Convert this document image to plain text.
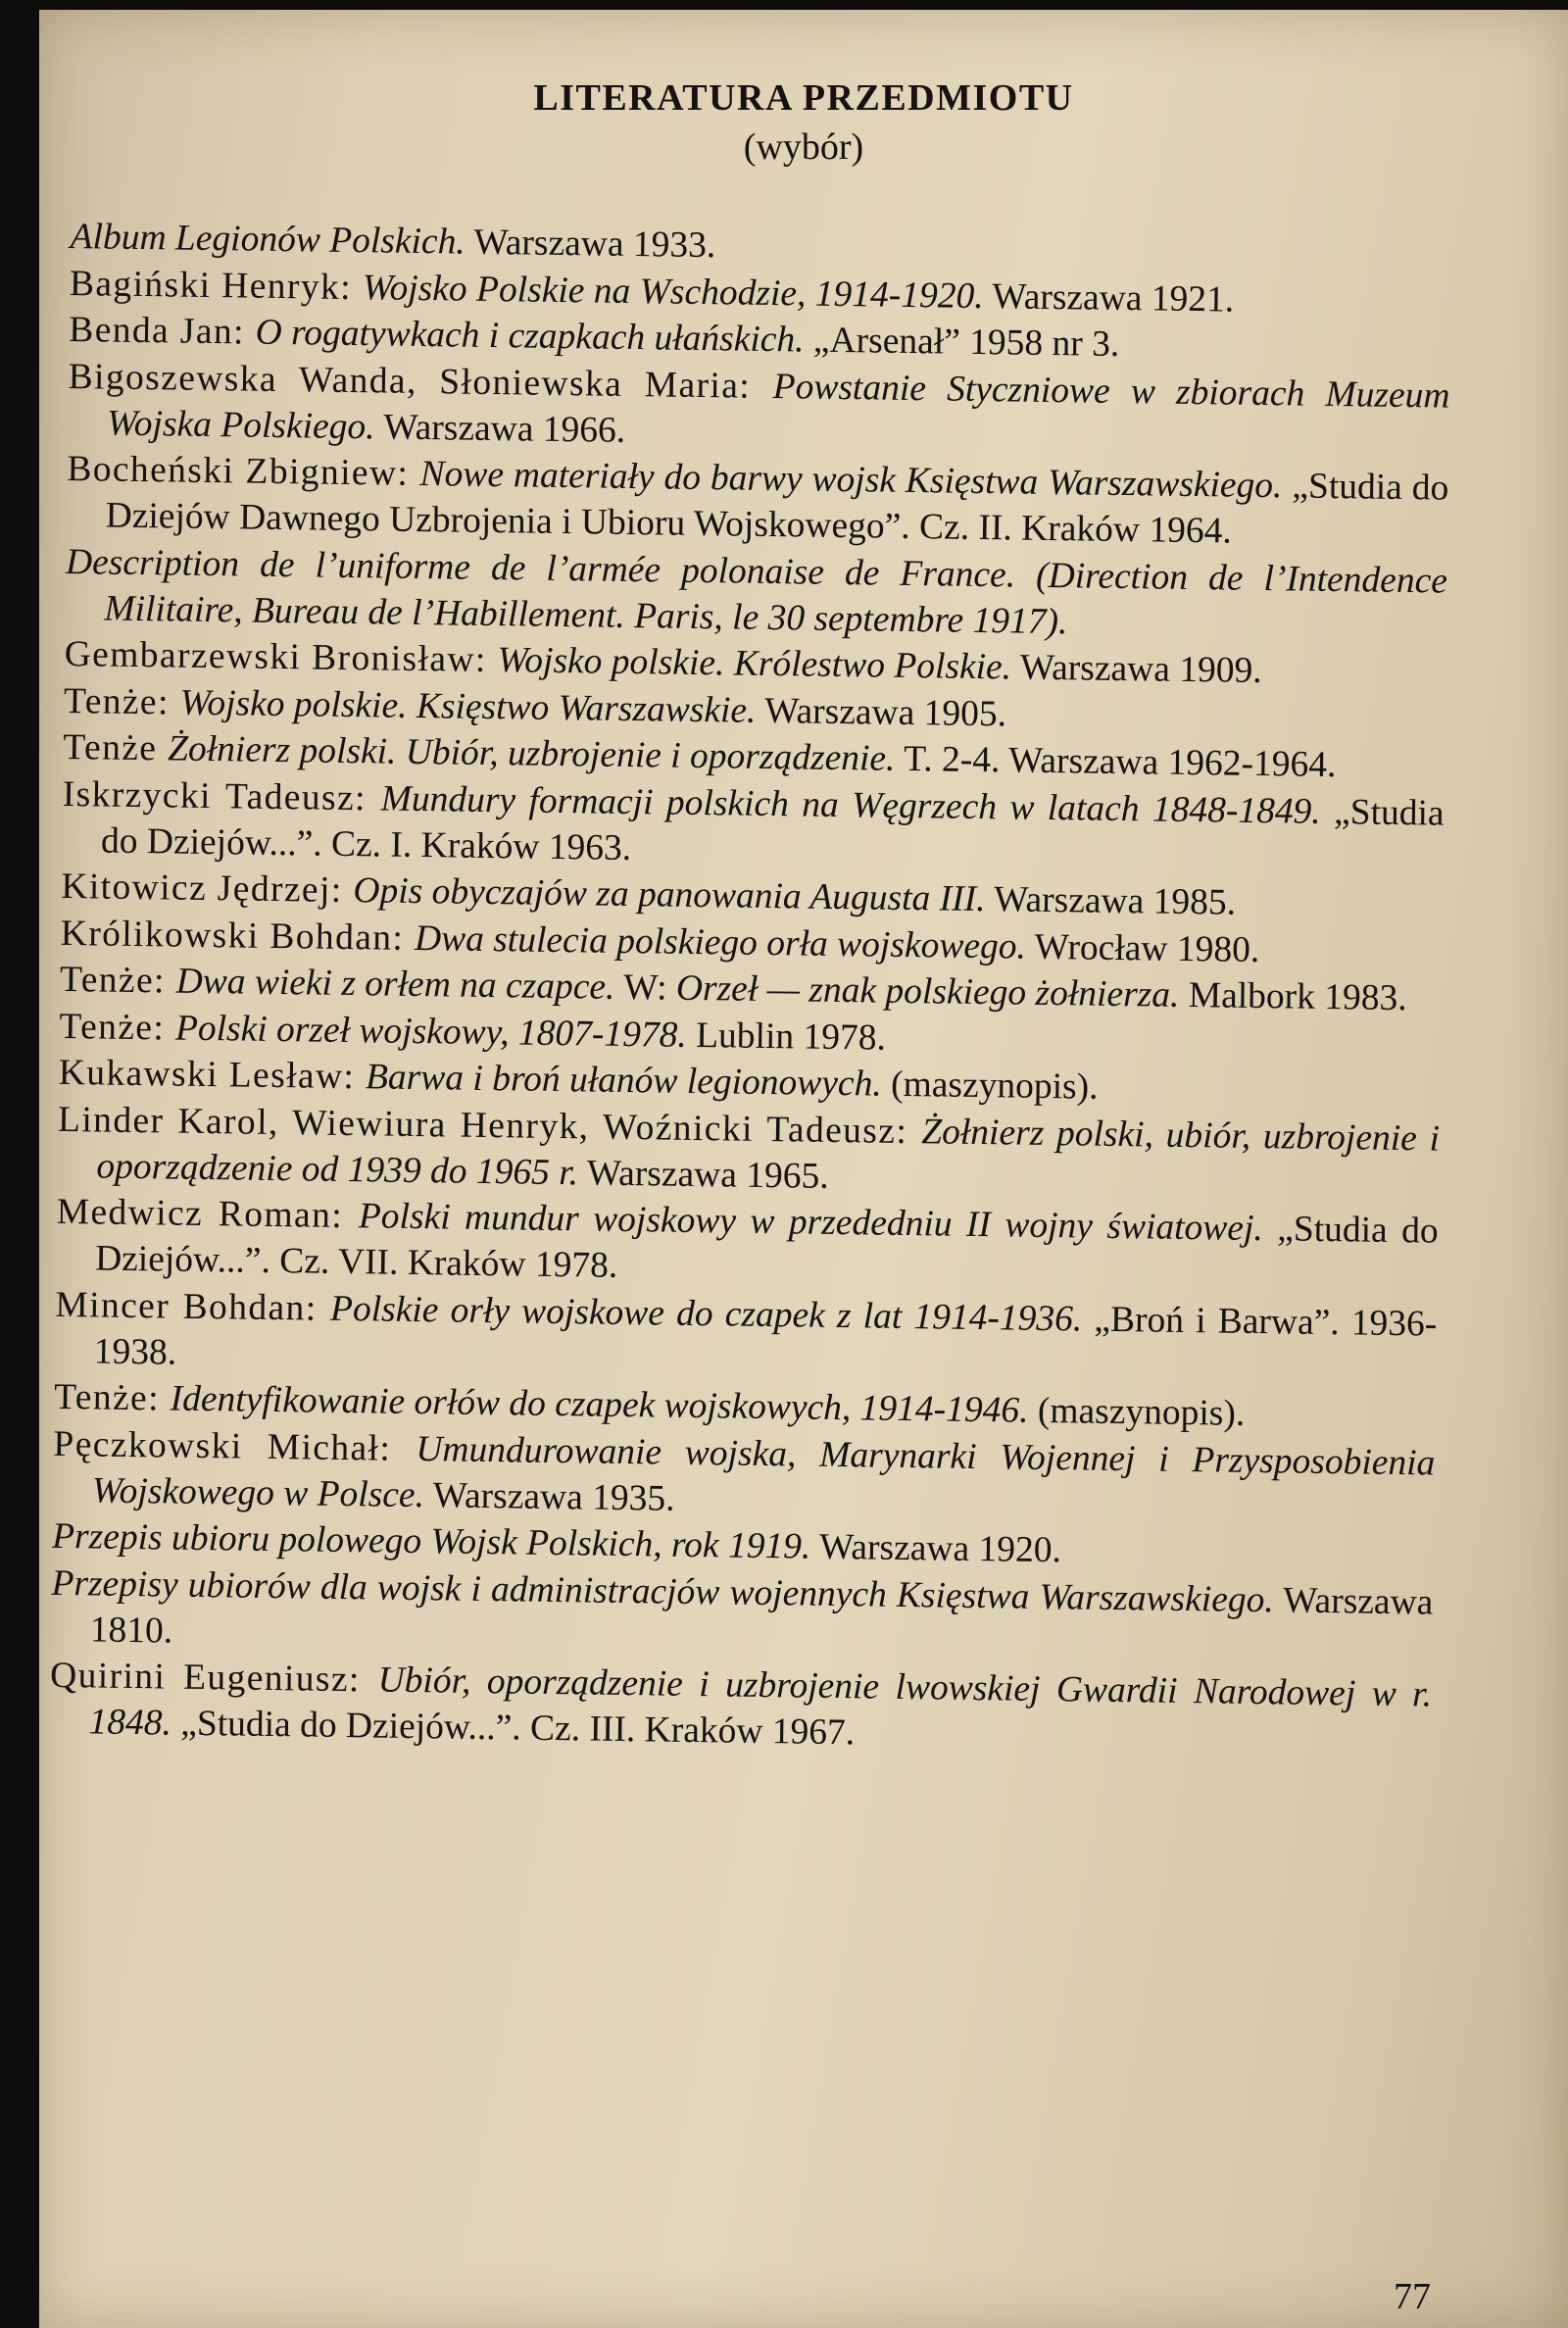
LITERATURA PRZEDMIOTU
(wybór)

Album Legionów Polskich. Warszawa 1933.

Bagiński Henryk: Wojsko Polskie na Wschodzie, 1914-1920. Warszawa 1921.

Benda Jan: O rogatywkach i czapkach ułańskich. „Arsenał” 1958 nr 3.

Bigoszewska Wanda, Słoniewska Maria: Powstanie Styczniowe w zbiorach Muzeum Wojska Polskiego. Warszawa 1966.

Bocheński Zbigniew: Nowe materiały do barwy wojsk Księstwa Warszawskiego. „Studia do Dziejów Dawnego Uzbrojenia i Ubioru Wojskowego”. Cz. II. Kraków 1964.

Description de l’uniforme de l’armée polonaise de France. (Direction de l’Intendence Militaire, Bureau de l’Habillement. Paris, le 30 septembre 1917).

Gembarzewski Bronisław: Wojsko polskie. Królestwo Polskie. Warszawa 1909.

Tenże: Wojsko polskie. Księstwo Warszawskie. Warszawa 1905.

Tenże Żołnierz polski. Ubiór, uzbrojenie i oporządzenie. T. 2-4. Warszawa 1962-1964.

Iskrzycki Tadeusz: Mundury formacji polskich na Węgrzech w latach 1848-1849. „Studia do Dziejów...”. Cz. I. Kraków 1963.

Kitowicz Jędrzej: Opis obyczajów za panowania Augusta III. Warszawa 1985.

Królikowski Bohdan: Dwa stulecia polskiego orła wojskowego. Wrocław 1980.

Tenże: Dwa wieki z orłem na czapce. W: Orzeł — znak polskiego żołnierza. Malbork 1983.

Tenże: Polski orzeł wojskowy, 1807-1978. Lublin 1978.

Kukawski Lesław: Barwa i broń ułanów legionowych. (maszynopis).

Linder Karol, Wiewiura Henryk, Woźnicki Tadeusz: Żołnierz polski, ubiór, uzbrojenie i oporządzenie od 1939 do 1965 r. Warszawa 1965.

Medwicz Roman: Polski mundur wojskowy w przededniu II wojny światowej. „Studia do Dziejów...”. Cz. VII. Kraków 1978.

Mincer Bohdan: Polskie orły wojskowe do czapek z lat 1914-1936. „Broń i Barwa”. 1936-1938.

Tenże: Identyfikowanie orłów do czapek wojskowych, 1914-1946. (maszynopis).

Pęczkowski Michał: Umundurowanie wojska, Marynarki Wojennej i Przysposobienia Wojskowego w Polsce. Warszawa 1935.

Przepis ubioru polowego Wojsk Polskich, rok 1919. Warszawa 1920.

Przepisy ubiorów dla wojsk i administracjów wojennych Księstwa Warszawskiego. Warszawa 1810.

Quirini Eugeniusz: Ubiór, oporządzenie i uzbrojenie lwowskiej Gwardii Narodowej w r. 1848. „Studia do Dziejów...”. Cz. III. Kraków 1967.

77
